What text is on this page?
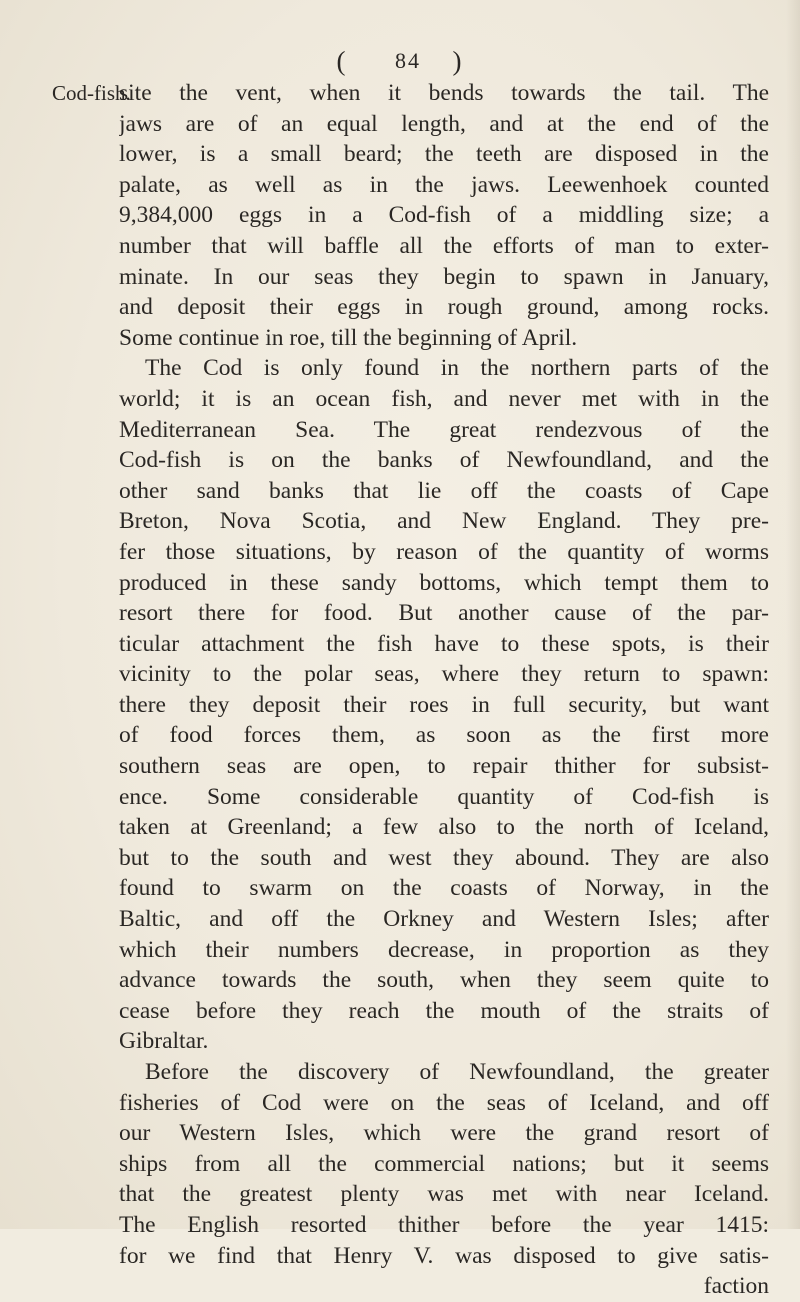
( 84 )
Cod-fish.
site the vent, when it bends towards the tail. The
jaws are of an equal length, and at the end of the
lower, is a small beard; the teeth are disposed in the
palate, as well as in the jaws. Leewenhoek counted
9,384,000 eggs in a Cod-fish of a middling size; a
number that will baffle all the efforts of man to exter-
minate. In our seas they begin to spawn in January,
and deposit their eggs in rough ground, among rocks.
Some continue in roe, till the beginning of April.
The Cod is only found in the northern parts of the
world; it is an ocean fish, and never met with in the
Mediterranean Sea. The great rendezvous of the
Cod-fish is on the banks of Newfoundland, and the
other sand banks that lie off the coasts of Cape
Breton, Nova Scotia, and New England. They pre-
fer those situations, by reason of the quantity of worms
produced in these sandy bottoms, which tempt them to
resort there for food. But another cause of the par-
ticular attachment the fish have to these spots, is their
vicinity to the polar seas, where they return to spawn:
there they deposit their roes in full security, but want
of food forces them, as soon as the first more
southern seas are open, to repair thither for subsist-
ence. Some considerable quantity of Cod-fish is
taken at Greenland; a few also to the north of Iceland,
but to the south and west they abound. They are also
found to swarm on the coasts of Norway, in the
Baltic, and off the Orkney and Western Isles; after
which their numbers decrease, in proportion as they
advance towards the south, when they seem quite to
cease before they reach the mouth of the straits of
Gibraltar.
Before the discovery of Newfoundland, the greater
fisheries of Cod were on the seas of Iceland, and off
our Western Isles, which were the grand resort of
ships from all the commercial nations; but it seems
that the greatest plenty was met with near Iceland.
The English resorted thither before the year 1415:
for we find that Henry V. was disposed to give satis-
faction
